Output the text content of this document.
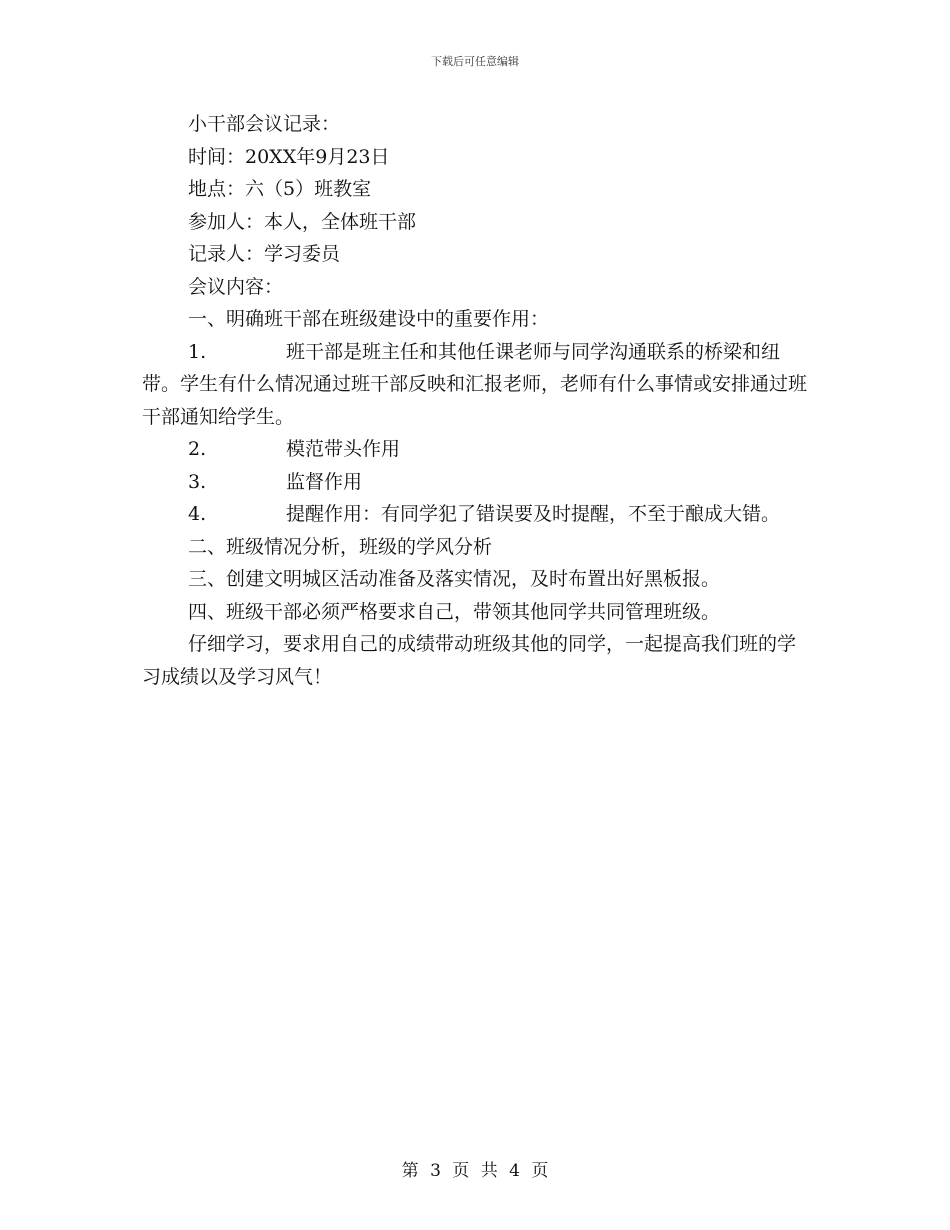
下载后可任意编辑

小干部会议记录：

时间：20XX年9月23日

地点：六（5）班教室

参加人：本人，全体班干部

记录人：学习委员

会议内容：

一、明确班干部在班级建设中的重要作用：

1.	班干部是班主任和其他任课老师与同学沟通联系的桥梁和纽带。学生有什么情况通过班干部反映和汇报老师，老师有什么事情或安排通过班干部通知给学生。

2.	模范带头作用

3.	监督作用

4.	提醒作用：有同学犯了错误要及时提醒，不至于酿成大错。

二、班级情况分析，班级的学风分析

三、创建文明城区活动准备及落实情况，及时布置出好黑板报。

四、班级干部必须严格要求自己，带领其他同学共同管理班级。

仔细学习，要求用自己的成绩带动班级其他的同学，一起提高我们班的学习成绩以及学习风气！

第 3 页 共 4 页
